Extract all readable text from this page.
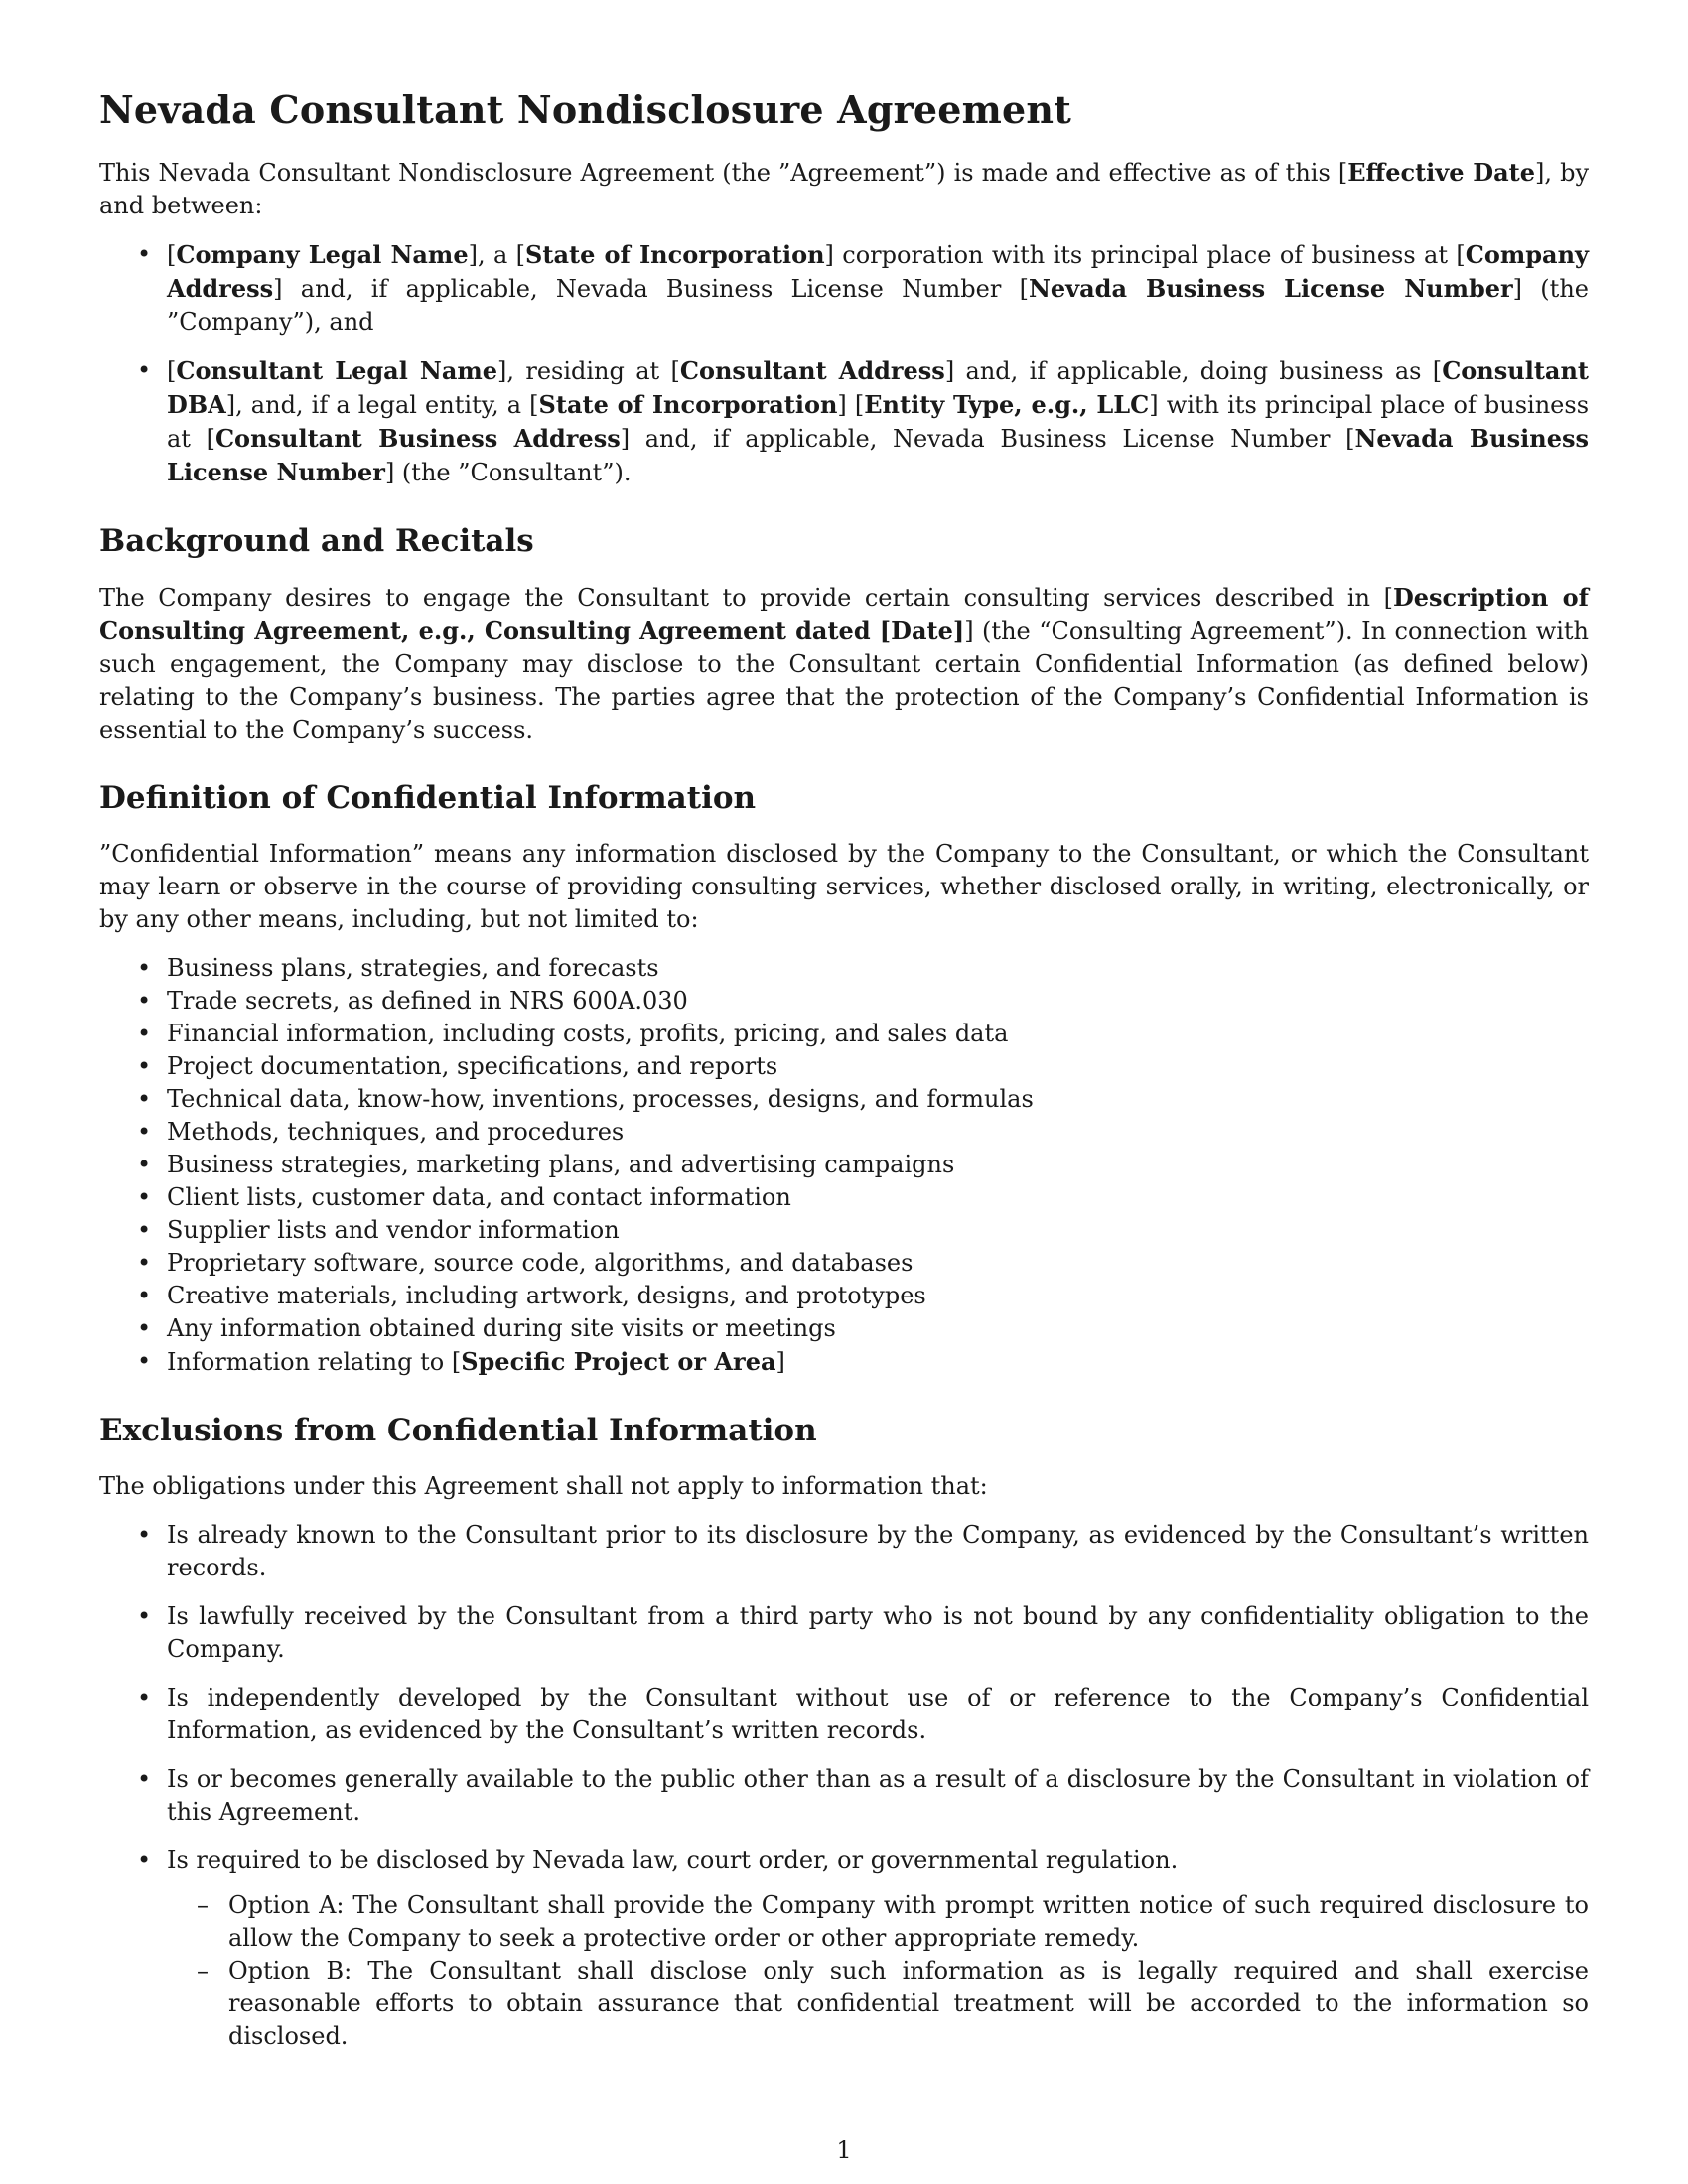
Nevada Consultant Nondisclosure Agreement

This Nevada Consultant Nondisclosure Agreement (the ”Agreement”) is made and effective as of this [Effective Date], by and between:

• [Company Legal Name], a [State of Incorporation] corporation with its principal place of business at [Company Address] and, if applicable, Nevada Business License Number [Nevada Business License Number] (the ”Company”), and
• [Consultant Legal Name], residing at [Consultant Address] and, if applicable, doing business as [Consultant DBA], and, if a legal entity, a [State of Incorporation] [Entity Type, e.g., LLC] with its principal place of business at [Consultant Business Address] and, if applicable, Nevada Business License Number [Nevada Business License Number] (the ”Consultant”).
Background and Recitals

The Company desires to engage the Consultant to provide certain consulting services described in [Description of Consulting Agreement, e.g., Consulting Agreement dated [Date]] (the “Consulting Agreement”). In connection with such engagement, the Company may disclose to the Consultant certain Confidential Information (as defined below) relating to the Company’s business. The parties agree that the protection of the Company’s Confidential Information is essential to the Company’s success.

Definition of Confidential Information

”Confidential Information” means any information disclosed by the Company to the Consultant, or which the Consultant may learn or observe in the course of providing consulting services, whether disclosed orally, in writing, electronically, or by any other means, including, but not limited to:

• Business plans, strategies, and forecasts
• Trade secrets, as defined in NRS 600A.030
• Financial information, including costs, profits, pricing, and sales data
• Project documentation, specifications, and reports
• Technical data, know-how, inventions, processes, designs, and formulas
• Methods, techniques, and procedures
• Business strategies, marketing plans, and advertising campaigns
• Client lists, customer data, and contact information
• Supplier lists and vendor information
• Proprietary software, source code, algorithms, and databases
• Creative materials, including artwork, designs, and prototypes
• Any information obtained during site visits or meetings
• Information relating to [Specific Project or Area]
Exclusions from Confidential Information

The obligations under this Agreement shall not apply to information that:

• Is already known to the Consultant prior to its disclosure by the Company, as evidenced by the Consultant’s written records.
• Is lawfully received by the Consultant from a third party who is not bound by any confidentiality obligation to the Company.
• Is independently developed by the Consultant without use of or reference to the Company’s Confidential Information, as evidenced by the Consultant’s written records.
• Is or becomes generally available to the public other than as a result of a disclosure by the Consultant in violation of this Agreement.
• Is required to be disclosed by Nevada law, court order, or governmental regulation.
– Option A: The Consultant shall provide the Company with prompt written notice of such required disclosure to allow the Company to seek a protective order or other appropriate remedy.
– Option B: The Consultant shall disclose only such information as is legally required and shall exercise reasonable efforts to obtain assurance that confidential treatment will be accorded to the information so disclosed.
1
